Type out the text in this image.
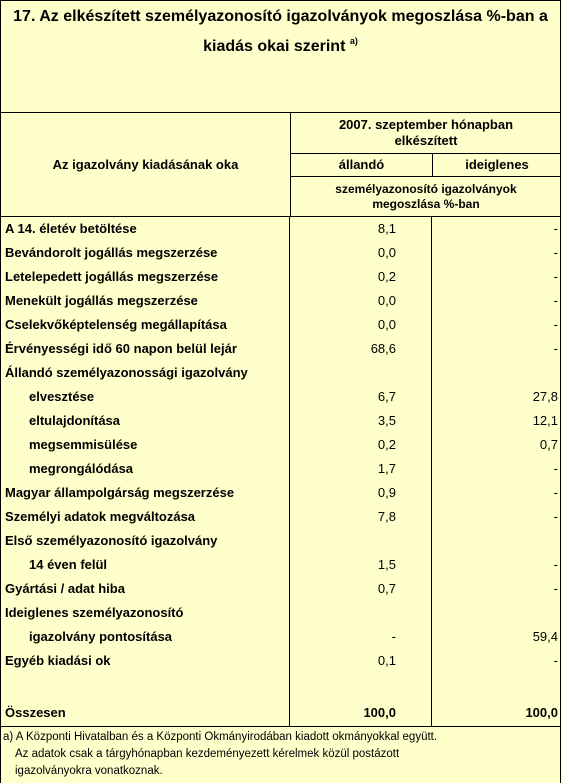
17. Az elkészített személyazonosító igazolványok megoszlása %-ban a
kiadás okai szerint $^{a)}$
Az igazolvány kiadásának oka
2007. szeptember hónapban
elkészített
állandó	ideiglenes
személyazonosító igazolványok
megoszlása %-ban
A 14. életév betöltése	8,1	-
Bevándorolt jogállás megszerzése	0,0	-
Letelepedett jogállás megszerzése	0,2	-
Menekült jogállás megszerzése	0,0	-
Cselekvőképtelenség megállapítása	0,0	-
Érvényességi idő 60 napon belül lejár	68,6	-
Állandó személyazonossági igazolvány
elvesztése	6,7	27,8
eltulajdonítása	3,5	12,1
megsemmisülése	0,2	0,7
megrongálódása	1,7	-
Magyar állampolgárság megszerzése	0,9	-
Személyi adatok megváltozása	7,8	-
Első személyazonosító igazolvány
14 éven felül	1,5	-
Gyártási / adat hiba	0,7	-
Ideiglenes személyazonosító
igazolvány pontosítása	-	59,4
Egyéb kiadási ok	0,1	-
Összesen	100,0	100,0
a) A Központi Hivatalban és a Központi Okmányirodában kiadott okmányokkal együtt.
Az adatok csak a tárgyhónapban kezdeményezett kérelmek közül postázott
igazolványokra vonatkoznak.
